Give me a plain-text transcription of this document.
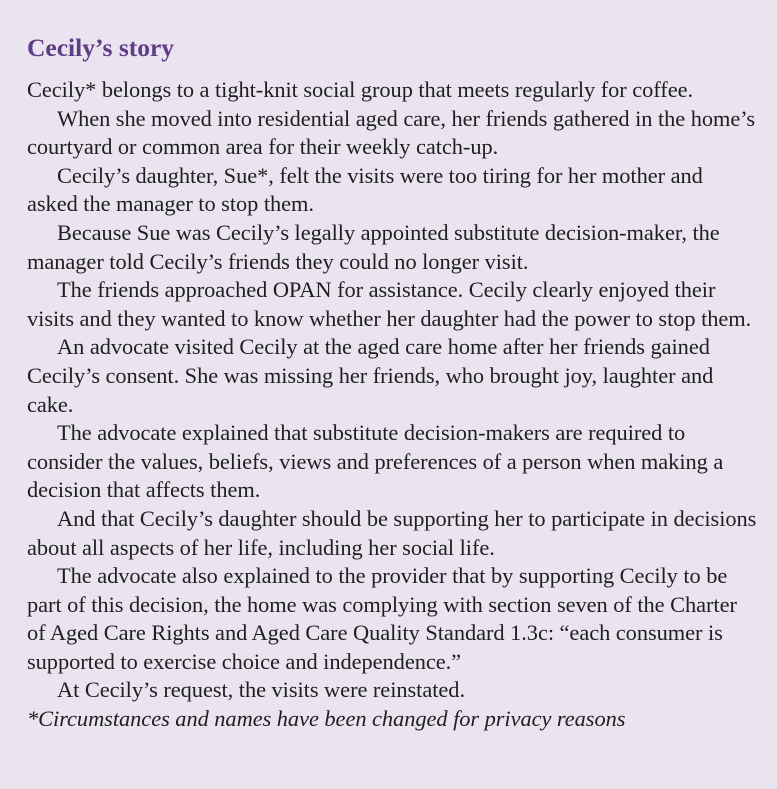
Cecily’s story

Cecily* belongs to a tight-knit social group that meets regularly for coffee.

When she moved into residential aged care, her friends gathered in the home’s courtyard or common area for their weekly catch-up.

Cecily’s daughter, Sue*, felt the visits were too tiring for her mother and asked the manager to stop them.

Because Sue was Cecily’s legally appointed substitute decision-maker, the manager told Cecily’s friends they could no longer visit.

The friends approached OPAN for assistance. Cecily clearly enjoyed their visits and they wanted to know whether her daughter had the power to stop them.

An advocate visited Cecily at the aged care home after her friends gained Cecily’s consent. She was missing her friends, who brought joy, laughter and cake.

The advocate explained that substitute decision-makers are required to consider the values, beliefs, views and preferences of a person when making a decision that affects them.

And that Cecily’s daughter should be supporting her to participate in decisions about all aspects of her life, including her social life.

The advocate also explained to the provider that by supporting Cecily to be part of this decision, the home was complying with section seven of the Charter of Aged Care Rights and Aged Care Quality Standard 1.3c: “each consumer is supported to exercise choice and independence.”

At Cecily’s request, the visits were reinstated.

*Circumstances and names have been changed for privacy reasons
